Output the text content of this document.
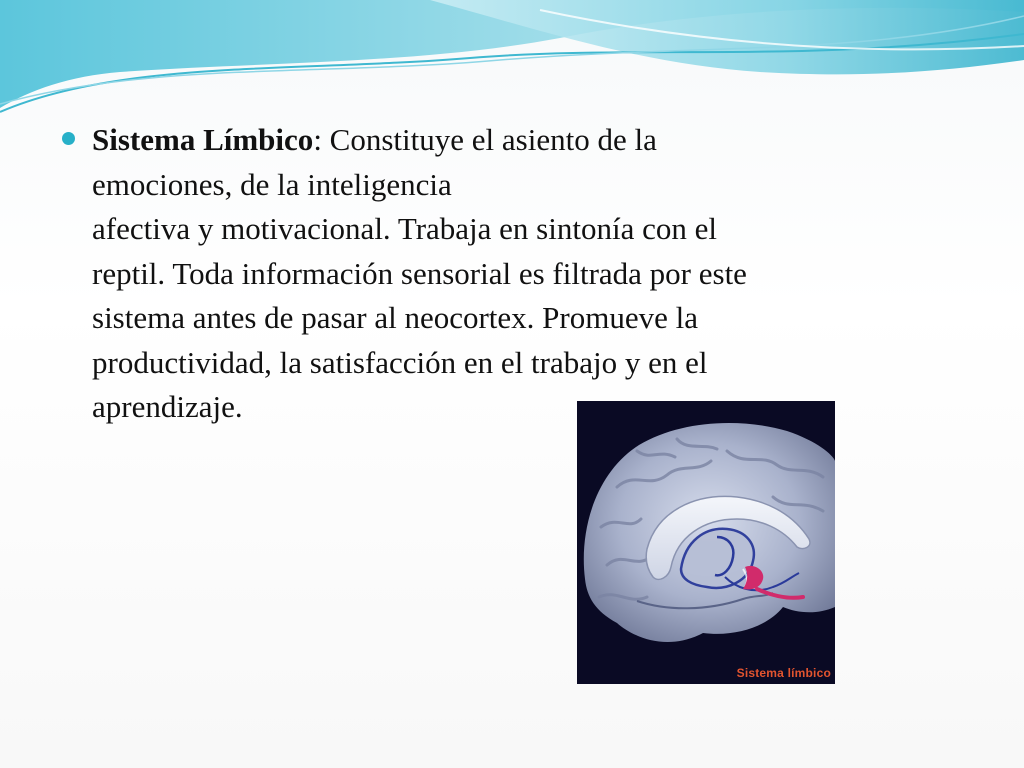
Sistema Límbico: Constituye el asiento de la
emociones, de la inteligencia
afectiva y motivacional. Trabaja en sintonía con el
reptil. Toda información sensorial es filtrada por este
sistema antes de pasar al neocortex. Promueve la
productividad, la satisfacción en el trabajo y en el
aprendizaje.

Sistema límbico
